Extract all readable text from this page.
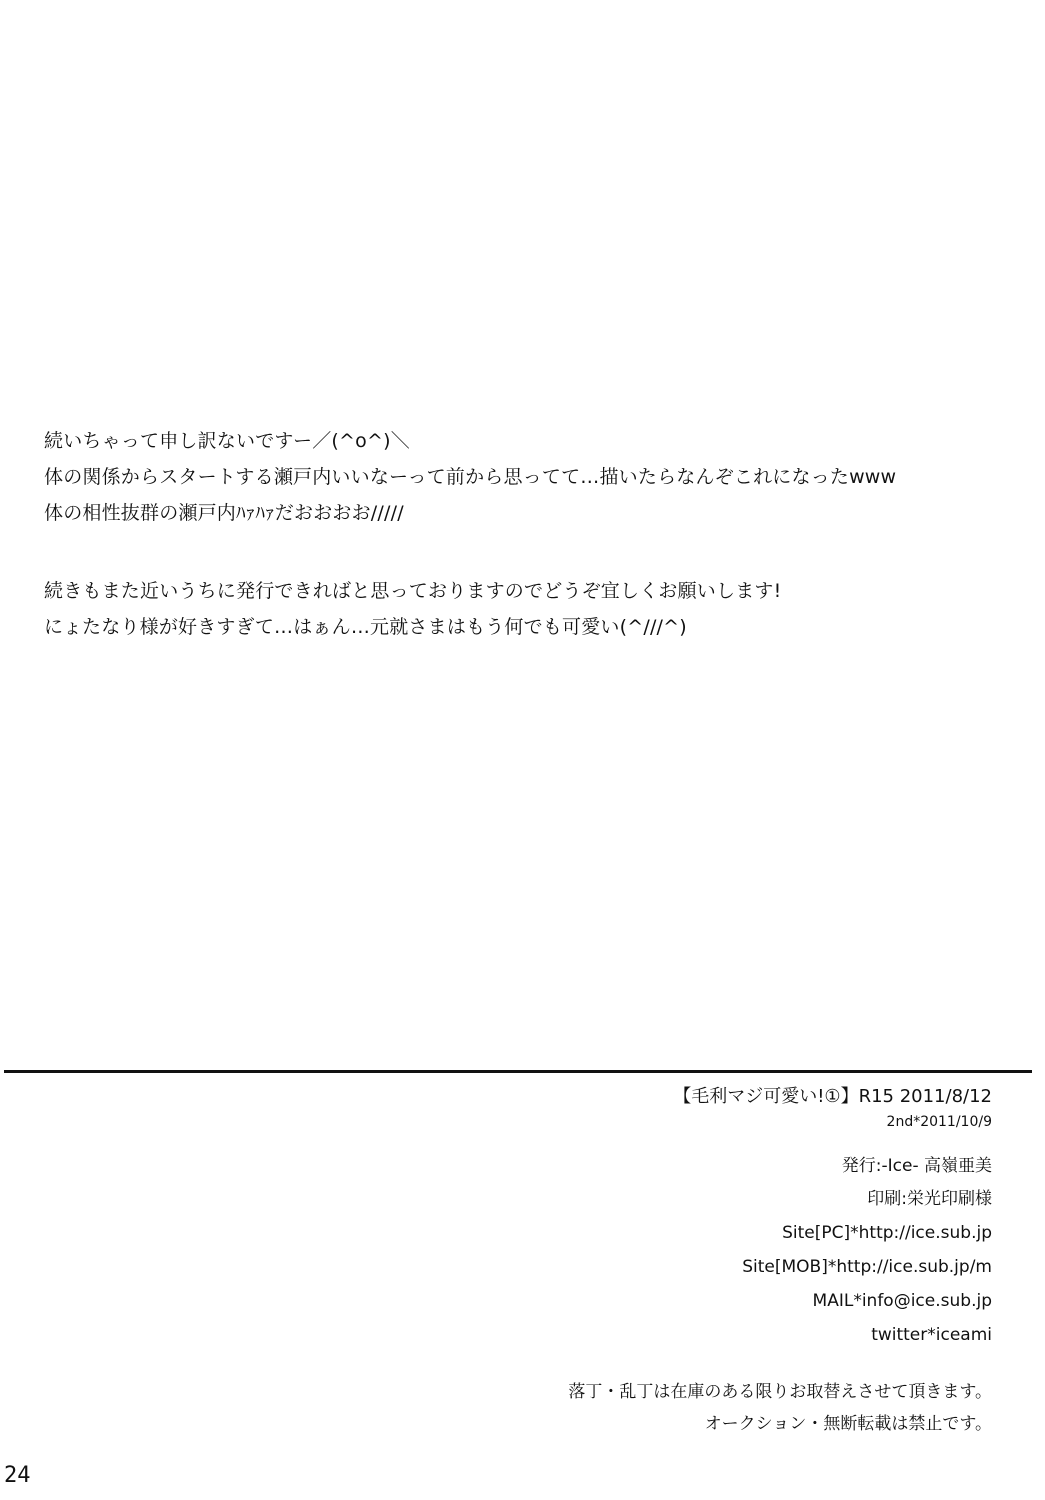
続いちゃって申し訳ないですー／(^o^)＼
体の関係からスタートする瀬戸内いいなーって前から思ってて…描いたらなんぞこれになったwww
体の相性抜群の瀬戸内ﾊｧﾊｧだおおおお/////
続きもまた近いうちに発行できればと思っておりますのでどうぞ宜しくお願いします!
にょたなり様が好きすぎて…はぁん…元就さまはもう何でも可愛い(^///^)
【毛利マジ可愛い!①】R15 2011/8/12
2nd*2011/10/9
発行:-Ice- 高嶺亜美
印刷:栄光印刷様
Site[PC]*http://ice.sub.jp
Site[MOB]*http://ice.sub.jp/m
MAIL*info@ice.sub.jp
twitter*iceami
落丁・乱丁は在庫のある限りお取替えさせて頂きます。
オークション・無断転載は禁止です。
24
